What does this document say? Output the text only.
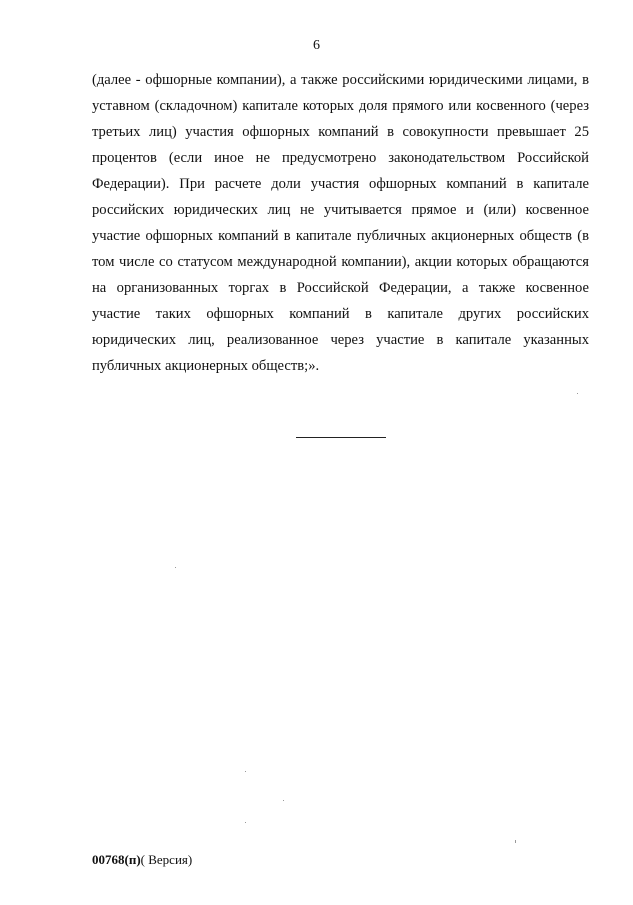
6
(далее - офшорные компании), а также российскими юридическими лицами, в
уставном (складочном) капитале которых доля прямого или косвенного (через
третьих лиц) участия офшорных компаний в совокупности превышает 25
процентов (если иное не предусмотрено законодательством Российской
Федерации). При расчете доли участия офшорных компаний в капитале
российских юридических лиц не учитывается прямое и (или) косвенное
участие офшорных компаний в капитале публичных акционерных обществ (в
том числе со статусом международной компании), акции которых обращаются
на организованных торгах в Российской Федерации, а также косвенное
участие таких офшорных компаний в капитале других российских
юридических лиц, реализованное через участие в капитале указанных
публичных акционерных обществ;».
00768(п)( Версия)
